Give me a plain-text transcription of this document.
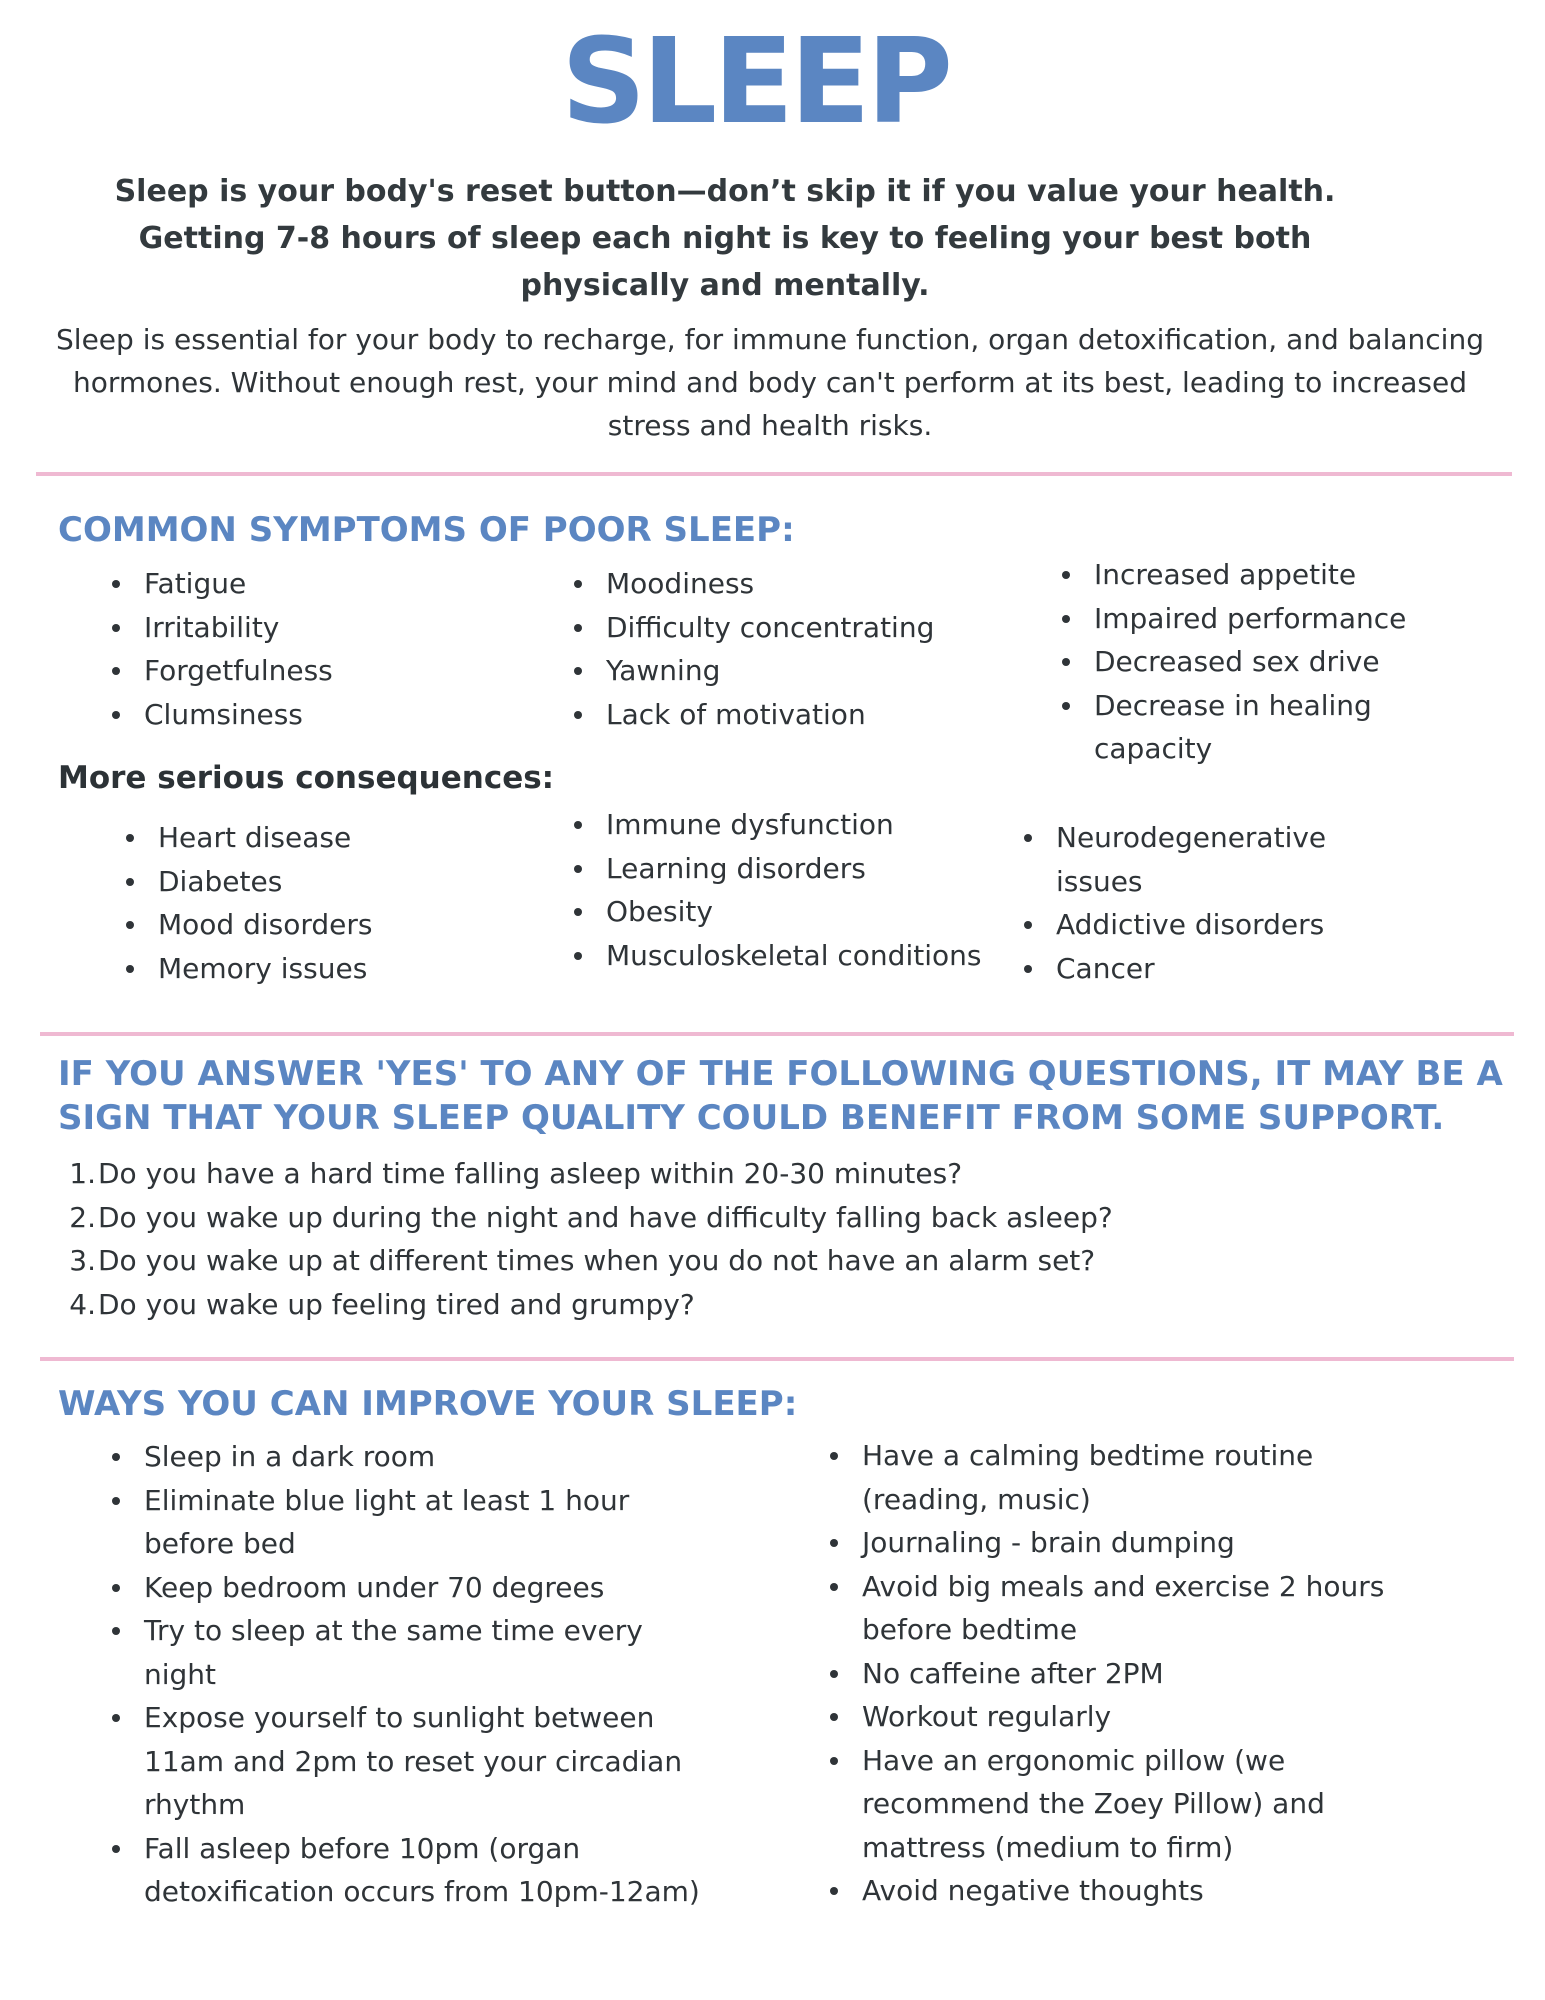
SLEEP

Sleep is your body's reset button—don’t skip it if you value your health. Getting 7-8 hours of sleep each night is key to feeling your best both physically and mentally.

Sleep is essential for your body to recharge, for immune function, organ detoxification, and balancing hormones. Without enough rest, your mind and body can't perform at its best, leading to increased stress and health risks.

COMMON SYMPTOMS OF POOR SLEEP:
Fatigue
Irritability
Forgetfulness
Clumsiness
Moodiness
Difficulty concentrating
Yawning
Lack of motivation
Increased appetite
Impaired performance
Decreased sex drive
Decrease in healing capacity
More serious consequences:
Heart disease
Diabetes
Mood disorders
Memory issues
Immune dysfunction
Learning disorders
Obesity
Musculoskeletal conditions
Neurodegenerative issues
Addictive disorders
Cancer
IF YOU ANSWER 'YES' TO ANY OF THE FOLLOWING QUESTIONS, IT MAY BE A SIGN THAT YOUR SLEEP QUALITY COULD BENEFIT FROM SOME SUPPORT.
1. Do you have a hard time falling asleep within 20-30 minutes?
2. Do you wake up during the night and have difficulty falling back asleep?
3. Do you wake up at different times when you do not have an alarm set?
4. Do you wake up feeling tired and grumpy?
WAYS YOU CAN IMPROVE YOUR SLEEP:
Sleep in a dark room
Eliminate blue light at least 1 hour before bed
Keep bedroom under 70 degrees
Try to sleep at the same time every night
Expose yourself to sunlight between 11am and 2pm to reset your circadian rhythm
Fall asleep before 10pm (organ detoxification occurs from 10pm-12am)
Have a calming bedtime routine (reading, music)
Journaling - brain dumping
Avoid big meals and exercise 2 hours before bedtime
No caffeine after 2PM
Workout regularly
Have an ergonomic pillow (we recommend the Zoey Pillow) and mattress (medium to firm)
Avoid negative thoughts
